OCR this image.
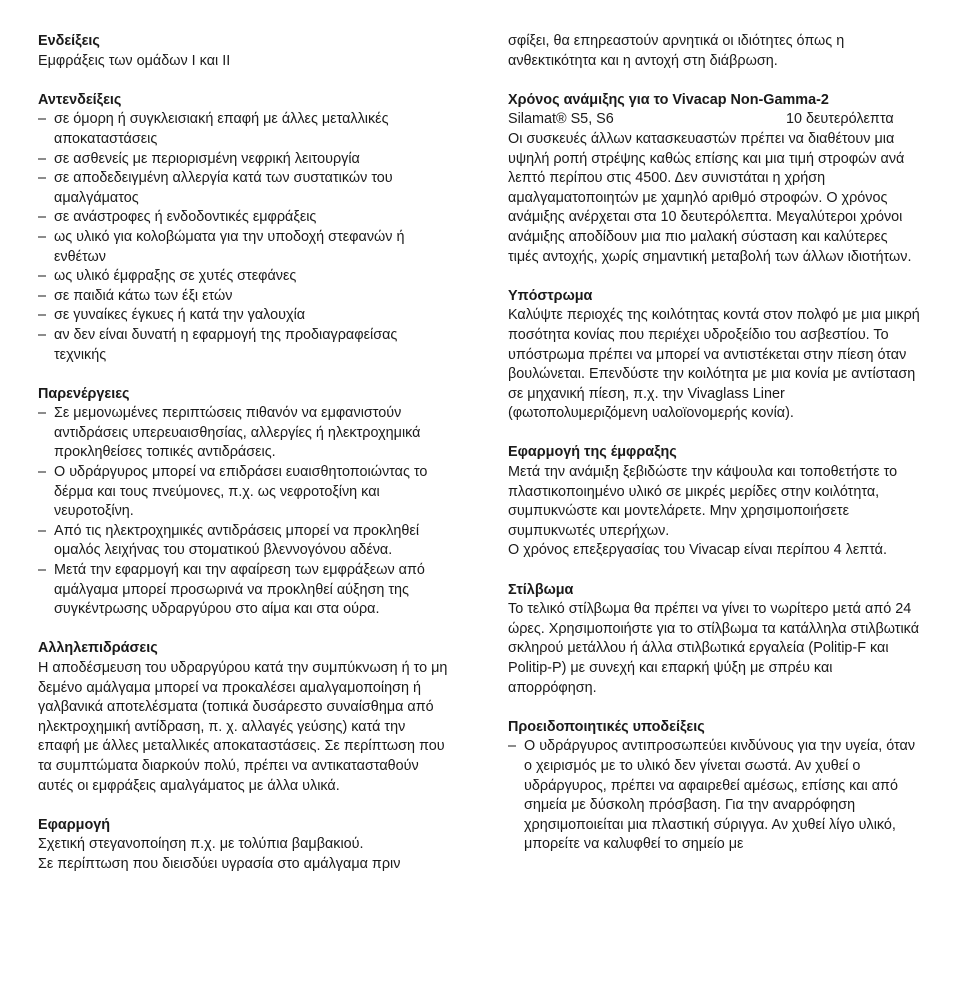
Ενδείξεις
Εμφράξεις των ομάδων I και II
Αντενδείξεις
– σε όμορη ή συγκλεισιακή επαφή με άλλες μεταλλικές αποκαταστάσεις
– σε ασθενείς με περιορισμένη νεφρική λειτουργία
– σε αποδεδειγμένη αλλεργία κατά των συστατικών του αμαλγάματος
– σε ανάστροφες ή ενδοδοντικές εμφράξεις
– ως υλικό για κολοβώματα για την υποδοχή στεφανών ή ενθέτων
– ως υλικό έμφραξης σε χυτές στεφάνες
– σε παιδιά κάτω των έξι ετών
– σε γυναίκες έγκυες ή κατά την γαλουχία
– αν δεν είναι δυνατή η εφαρμογή της προδιαγραφείσας τεχνικής
Παρενέργειες
– Σε μεμονωμένες περιπτώσεις πιθανόν να εμφανιστούν αντιδράσεις υπερευαισθησίας, αλλεργίες ή ηλεκτροχημικά προκληθείσες τοπικές αντιδράσεις.
– Ο υδράργυρος μπορεί να επιδράσει ευαισθητοποιώντας το δέρμα και τους πνεύμονες, π.χ. ως νεφροτοξίνη και νευροτοξίνη.
– Από τις ηλεκτροχημικές αντιδράσεις μπορεί να προκληθεί ομαλός λειχήνας του στοματικού βλεννογόνου αδένα.
– Μετά την εφαρμογή και την αφαίρεση των εμφράξεων από αμάλγαμα μπορεί προσωρινά να προκληθεί αύξηση της συγκέντρωσης υδραργύρου στο αίμα και στα ούρα.
Αλληλεπιδράσεις
Η αποδέσμευση του υδραργύρου κατά την συμπύκνωση ή το μη δεμένο αμάλγαμα μπορεί να προκαλέσει αμαλγαμοποίηση ή γαλβανικά αποτελέσματα (τοπικά δυσάρεστο συναίσθημα από ηλεκτροχημική αντίδραση, π. χ. αλλαγές γεύσης) κατά την επαφή με άλλες μεταλλικές αποκαταστάσεις. Σε περίπτωση που τα συμπτώματα διαρκούν πολύ, πρέπει να αντικατασταθούν αυτές οι εμφράξεις αμαλγάματος με άλλα υλικά.
Εφαρμογή
Σχετική στεγανοποίηση π.χ. με τολύπια βαμβακιού.
Σε περίπτωση που διεισδύει υγρασία στο αμάλγαμα πριν
σφίξει, θα επηρεαστούν αρνητικά οι ιδιότητες όπως η ανθεκτικότητα και η αντοχή στη διάβρωση.
Χρόνος ανάμιξης για το Vivacap Non-Gamma-2
Silamat® S5, S6	10 δευτερόλεπτα
Οι συσκευές άλλων κατασκευαστών πρέπει να διαθέτουν μια υψηλή ροπή στρέψης καθώς επίσης και μια τιμή στροφών ανά λεπτό περίπου στις 4500. Δεν συνιστάται η χρήση αμαλγαματοποιητών με χαμηλό αριθμό στροφών. Ο χρόνος ανάμιξης ανέρχεται στα 10 δευτερόλεπτα. Μεγαλύτεροι χρόνοι ανάμιξης αποδίδουν μια πιο μαλακή σύσταση και καλύτερες τιμές αντοχής, χωρίς σημαντική μεταβολή των άλλων ιδιοτήτων.
Υπόστρωμα
Καλύψτε περιοχές της κοιλότητας κοντά στον πολφό με μια μικρή ποσότητα κονίας που περιέχει υδροξείδιο του ασβεστίου. Το υπόστρωμα πρέπει να μπορεί να αντιστέκεται στην πίεση όταν βουλώνεται. Επενδύστε την κοιλότητα με μια κονία με αντίσταση σε μηχανική πίεση, π.χ. την Vivaglass Liner (φωτοπολυμεριζόμενη υαλοϊονομερής κονία).
Εφαρμογή της έμφραξης
Μετά την ανάμιξη ξεβιδώστε την κάψουλα και τοποθετήστε το πλαστικοποιημένο υλικό σε μικρές μερίδες στην κοιλότητα, συμπυκνώστε και μοντελάρετε. Μην χρησιμοποιήσετε συμπυκνωτές υπερήχων.
Ο χρόνος επεξεργασίας του Vivacap είναι περίπου 4 λεπτά.
Στίλβωμα
Το τελικό στίλβωμα θα πρέπει να γίνει το νωρίτερο μετά από 24 ώρες. Χρησιμοποιήστε για το στίλβωμα τα κατάλληλα στιλβωτικά σκληρού μετάλλου ή άλλα στιλβωτικά εργαλεία (Politip-F και Politip-P) με συνεχή και επαρκή ψύξη με σπρέυ και απορρόφηση.
Προειδοποιητικές υποδείξεις
– Ο υδράργυρος αντιπροσωπεύει κινδύνους για την υγεία, όταν ο χειρισμός με το υλικό δεν γίνεται σωστά. Αν χυθεί ο υδράργυρος, πρέπει να αφαιρεθεί αμέσως, επίσης και από σημεία με δύσκολη πρόσβαση. Για την αναρρόφηση χρησιμοποιείται μια πλαστική σύριγγα. Αν χυθεί λίγο υλικό, μπορείτε να καλυφθεί το σημείο με
